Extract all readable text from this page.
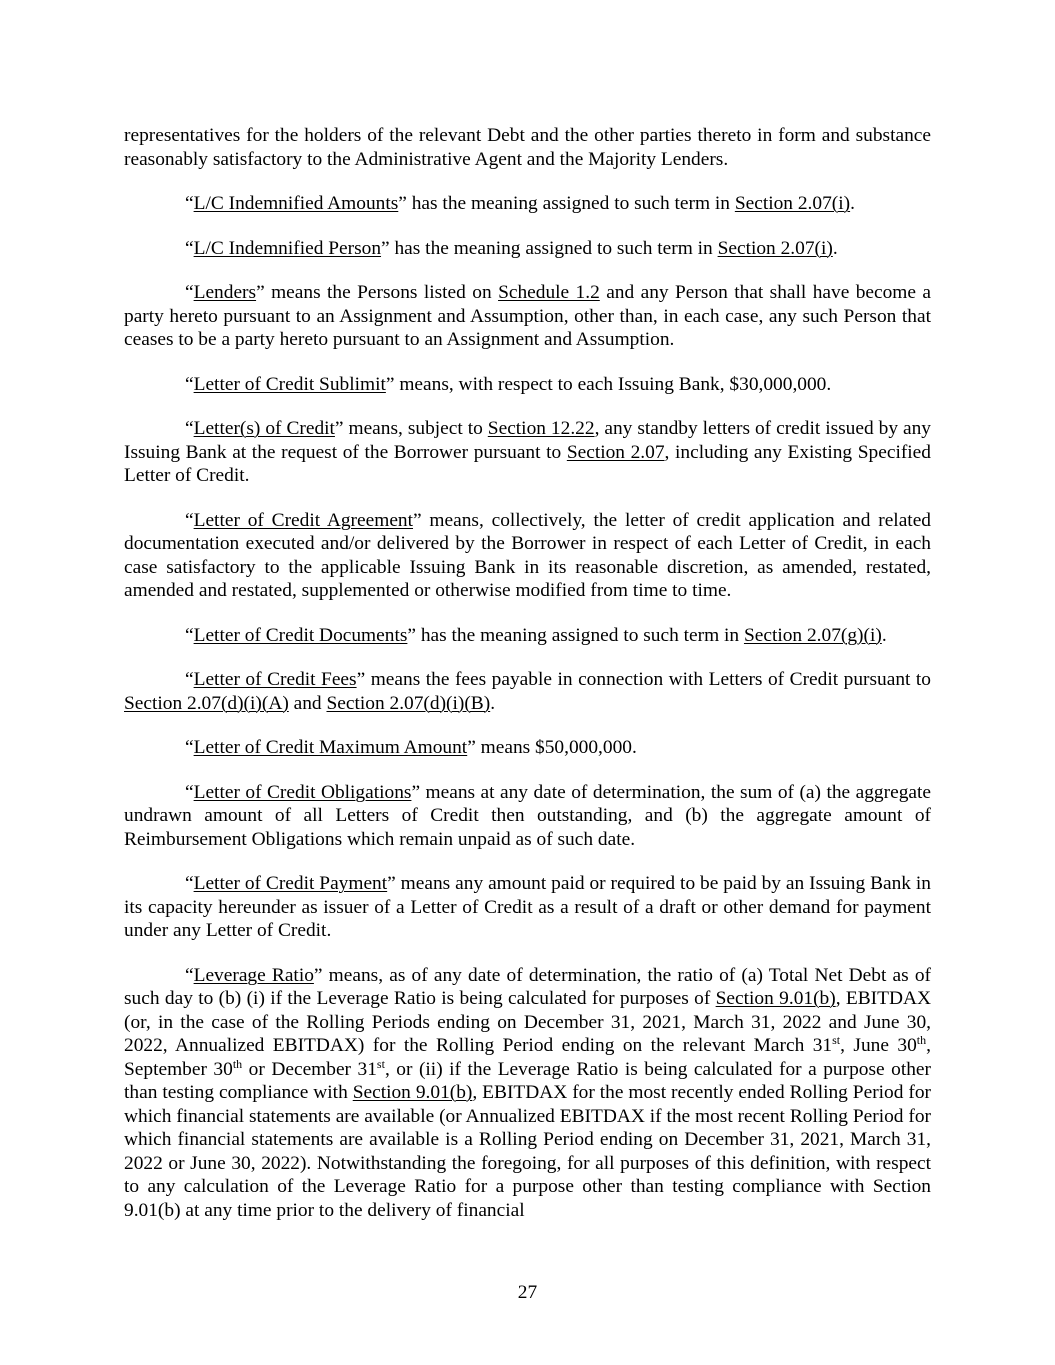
representatives for the holders of the relevant Debt and the other parties thereto in form and substance reasonably satisfactory to the Administrative Agent and the Majority Lenders.

“L/C Indemnified Amounts” has the meaning assigned to such term in Section 2.07(i).

“L/C Indemnified Person” has the meaning assigned to such term in Section 2.07(i).

“Lenders” means the Persons listed on Schedule 1.2 and any Person that shall have become a party hereto pursuant to an Assignment and Assumption, other than, in each case, any such Person that ceases to be a party hereto pursuant to an Assignment and Assumption.

“Letter of Credit Sublimit” means, with respect to each Issuing Bank, $30,000,000.

“Letter(s) of Credit” means, subject to Section 12.22, any standby letters of credit issued by any Issuing Bank at the request of the Borrower pursuant to Section 2.07, including any Existing Specified Letter of Credit.

“Letter of Credit Agreement” means, collectively, the letter of credit application and related documentation executed and/or delivered by the Borrower in respect of each Letter of Credit, in each case satisfactory to the applicable Issuing Bank in its reasonable discretion, as amended, restated, amended and restated, supplemented or otherwise modified from time to time.

“Letter of Credit Documents” has the meaning assigned to such term in Section 2.07(g)(i).

“Letter of Credit Fees” means the fees payable in connection with Letters of Credit pursuant to Section 2.07(d)(i)(A) and Section 2.07(d)(i)(B).

“Letter of Credit Maximum Amount” means $50,000,000.

“Letter of Credit Obligations” means at any date of determination, the sum of (a) the aggregate undrawn amount of all Letters of Credit then outstanding, and (b) the aggregate amount of Reimbursement Obligations which remain unpaid as of such date.

“Letter of Credit Payment” means any amount paid or required to be paid by an Issuing Bank in its capacity hereunder as issuer of a Letter of Credit as a result of a draft or other demand for payment under any Letter of Credit.

“Leverage Ratio” means, as of any date of determination, the ratio of (a) Total Net Debt as of such day to (b) (i) if the Leverage Ratio is being calculated for purposes of Section 9.01(b), EBITDAX (or, in the case of the Rolling Periods ending on December 31, 2021, March 31, 2022 and June 30, 2022, Annualized EBITDAX) for the Rolling Period ending on the relevant March 31st, June 30th, September 30th or December 31st, or (ii) if the Leverage Ratio is being calculated for a purpose other than testing compliance with Section 9.01(b), EBITDAX for the most recently ended Rolling Period for which financial statements are available (or Annualized EBITDAX if the most recent Rolling Period for which financial statements are available is a Rolling Period ending on December 31, 2021, March 31, 2022 or June 30, 2022). Notwithstanding the foregoing, for all purposes of this definition, with respect to any calculation of the Leverage Ratio for a purpose other than testing compliance with Section 9.01(b) at any time prior to the delivery of financial

27
